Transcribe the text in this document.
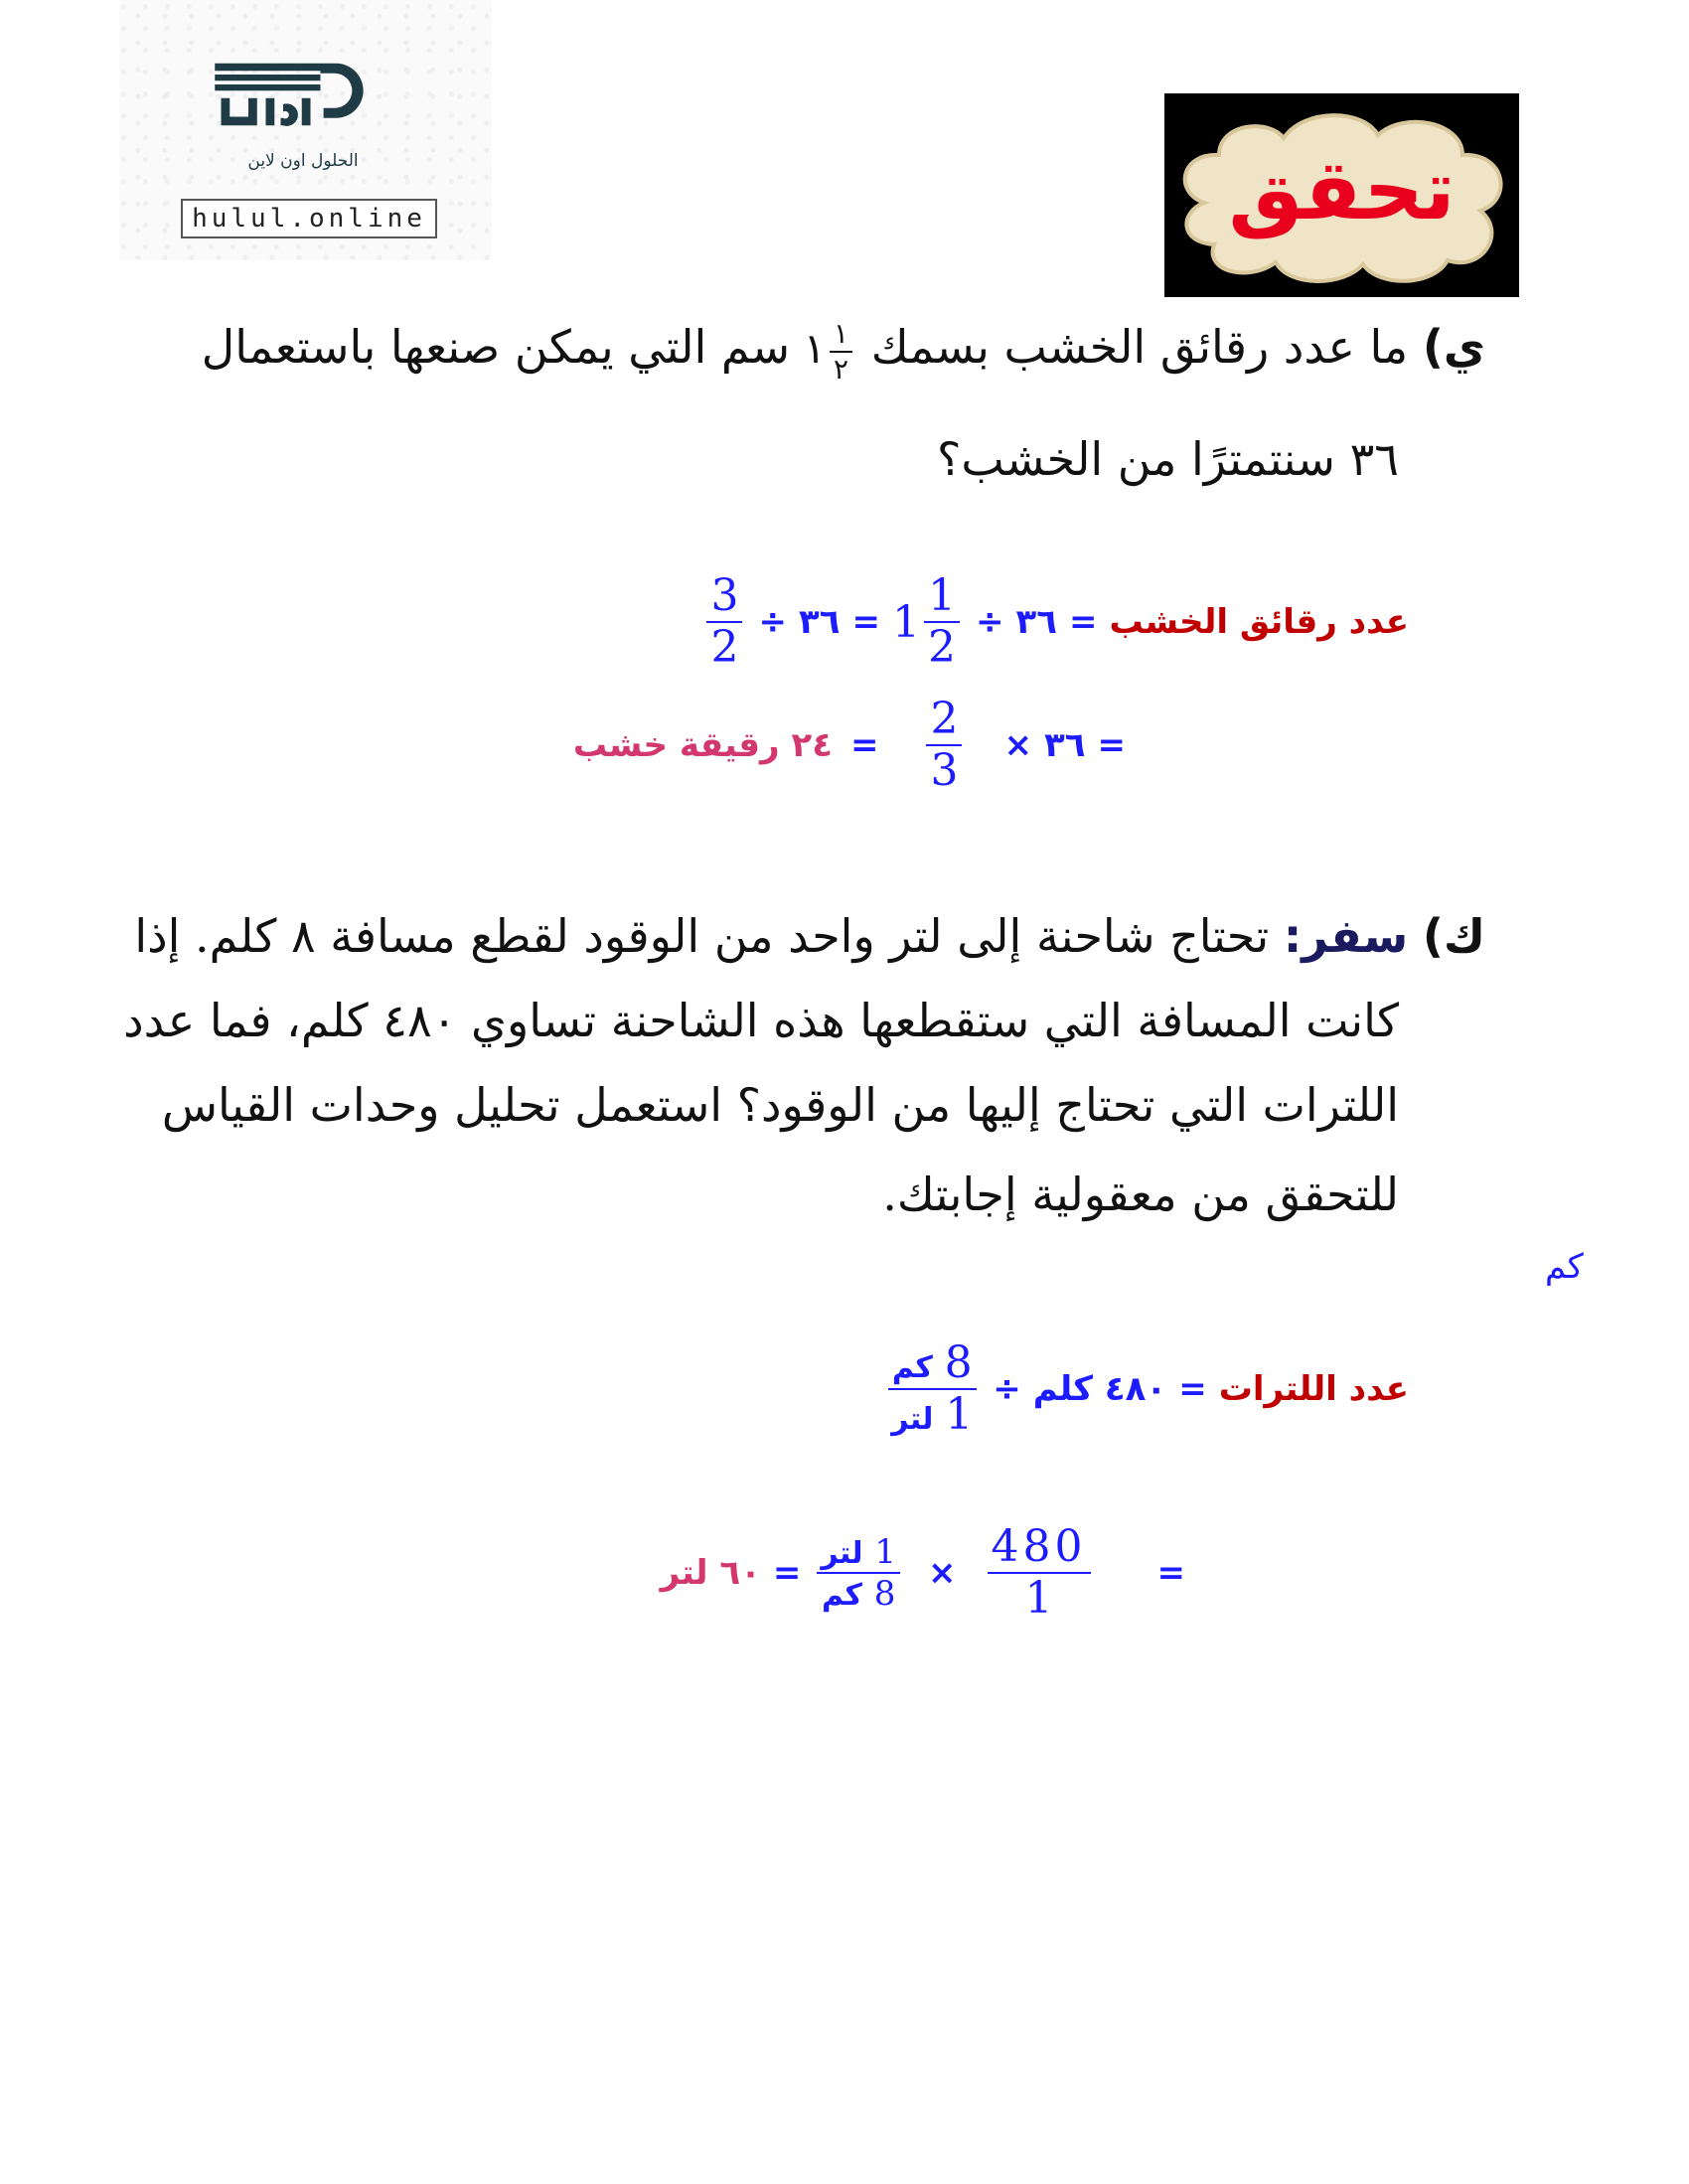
الحلول اون لاين
hulul.online	تحقق
ي) ما عدد رقائق الخشب بسمك
$\frac{١}{٢}$
١ سم التي يمكن صنعها باستعمال
٣٦ سنتمترًا من الخشب؟
عدد رقائق الخشب
=
٣٦
÷
$1 \frac{1}{2}$
=
٣٦
÷
$\frac{3}{2}$
=
٣٦
×
$\frac{2}{3}$
=
٢٤ رقيقة خشب
ك) سفر: تحتاج شاحنة إلى لتر واحد من الوقود لقطع مسافة ٨ كلم. إذا
كانت المسافة التي ستقطعها هذه الشاحنة تساوي ٤٨٠ كلم، فما عدد
اللترات التي تحتاج إليها من الوقود؟ استعمل تحليل وحدات القياس
للتحقق من معقولية إجابتك.
كم
عدد اللترات
=
٤٨٠ كلم
÷
$\frac{\text{8 كم}}{\text{1 لتر}}$
=
$\frac{480}{1}$
×
$\frac{\text{1 لتر}}{\text{8 كم}}$
=
٦٠ لتر
